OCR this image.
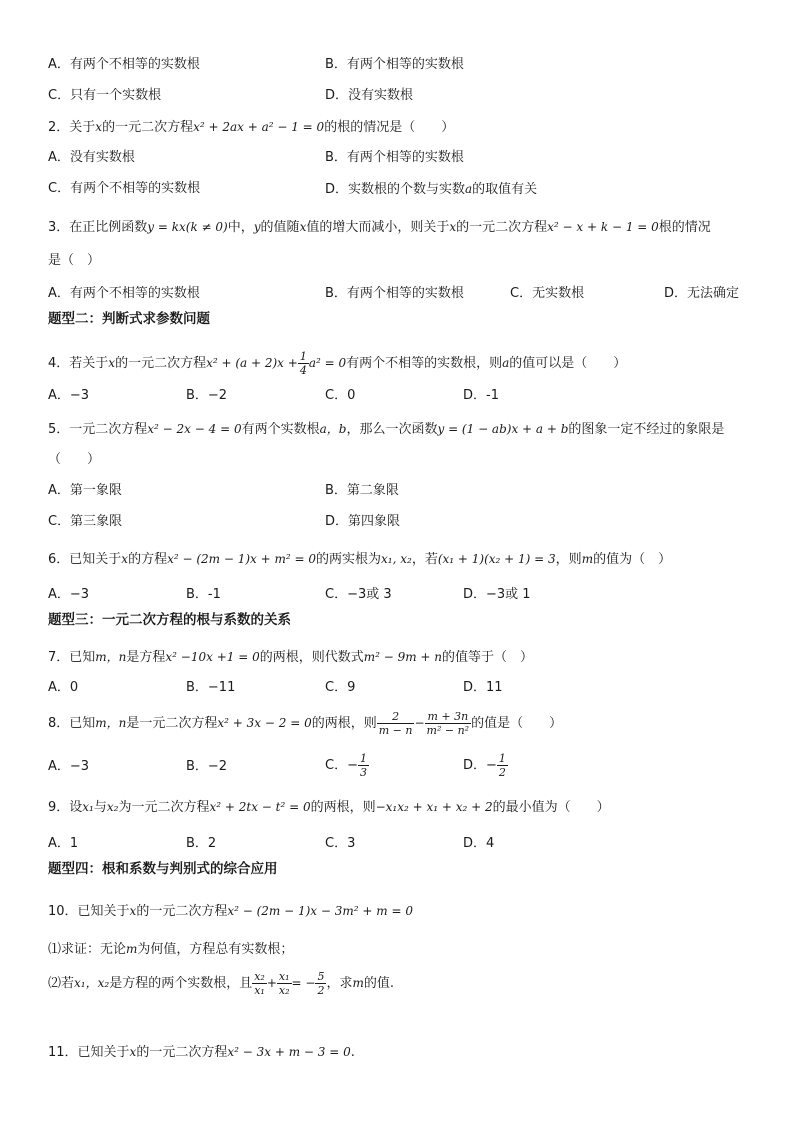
A．有两个不相等的实数根	B．有两个相等的实数根
C．只有一个实数根	D．没有实数根
2．关于x的一元二次方程x² + 2ax + a² − 1 = 0的根的情况是（　　）
A．没有实数根	B．有两个相等的实数根
C．有两个不相等的实数根	D．实数根的个数与实数a的取值有关
3．在正比例函数y = kx(k ≠ 0)中，y的值随x值的增大而减小，则关于x的一元二次方程x² − x + k − 1 = 0根的情况
是（　）
A．有两个不相等的实数根	B．有两个相等的实数根	C．无实数根	D．无法确定
题型二：判断式求参数问题
4．若关于x的一元二次方程$x^2 + (a + 2)x + \frac{1}{4} a^2 = 0$有两个不相等的实数根，则a的值可以是（　　）
A．−3	B．−2	C．0	D．-1
5．一元二次方程x² − 2x − 4 = 0有两个实数根a，b，那么一次函数y = (1 − ab)x + a + b的图象一定不经过的象限是
（　　）
A．第一象限	B．第二象限
C．第三象限	D．第四象限
6．已知关于x的方程x² − (2m − 1)x + m² = 0的两实根为x₁, x₂，若(x₁ + 1)(x₂ + 1) = 3，则m的值为（　）
A．−3	B．-1	C．−3或 3	D．−3或 1
题型三：一元二次方程的根与系数的关系
7．已知m，n是方程x² −10x +1 = 0的两根，则代数式m² − 9m + n的值等于（　）
A．0	B．−11	C．9	D．11
8．已知m，n是一元二次方程x² + 3x − 2 = 0的两根，则 $\frac{2}{m - n} - \frac{m + 3n}{\text{m² − n²}}$ 的值是（　　）
A．−3	B．−2	C．− $\frac{1}{3}$	D．− $\frac{1}{2}$
9．设x₁与x₂为一元二次方程x² + 2tx − t² = 0的两根，则−x₁x₂ + x₁ + x₂ + 2的最小值为（　　）
A．1	B．2	C．3	D．4
题型四：根和系数与判别式的综合应用
10．已知关于x的一元二次方程x² − (2m − 1)x − 3m² + m = 0
⑴求证：无论m为何值，方程总有实数根；
⑵若x₁，x₂是方程的两个实数根，且 $\frac{\text{x₂}}{\text{x₁}} + \frac{\text{x₁}}{\text{x₂}}$ = − $\frac{5}{2}$ ，求m的值.
11．已知关于x的一元二次方程x² − 3x + m − 3 = 0.
